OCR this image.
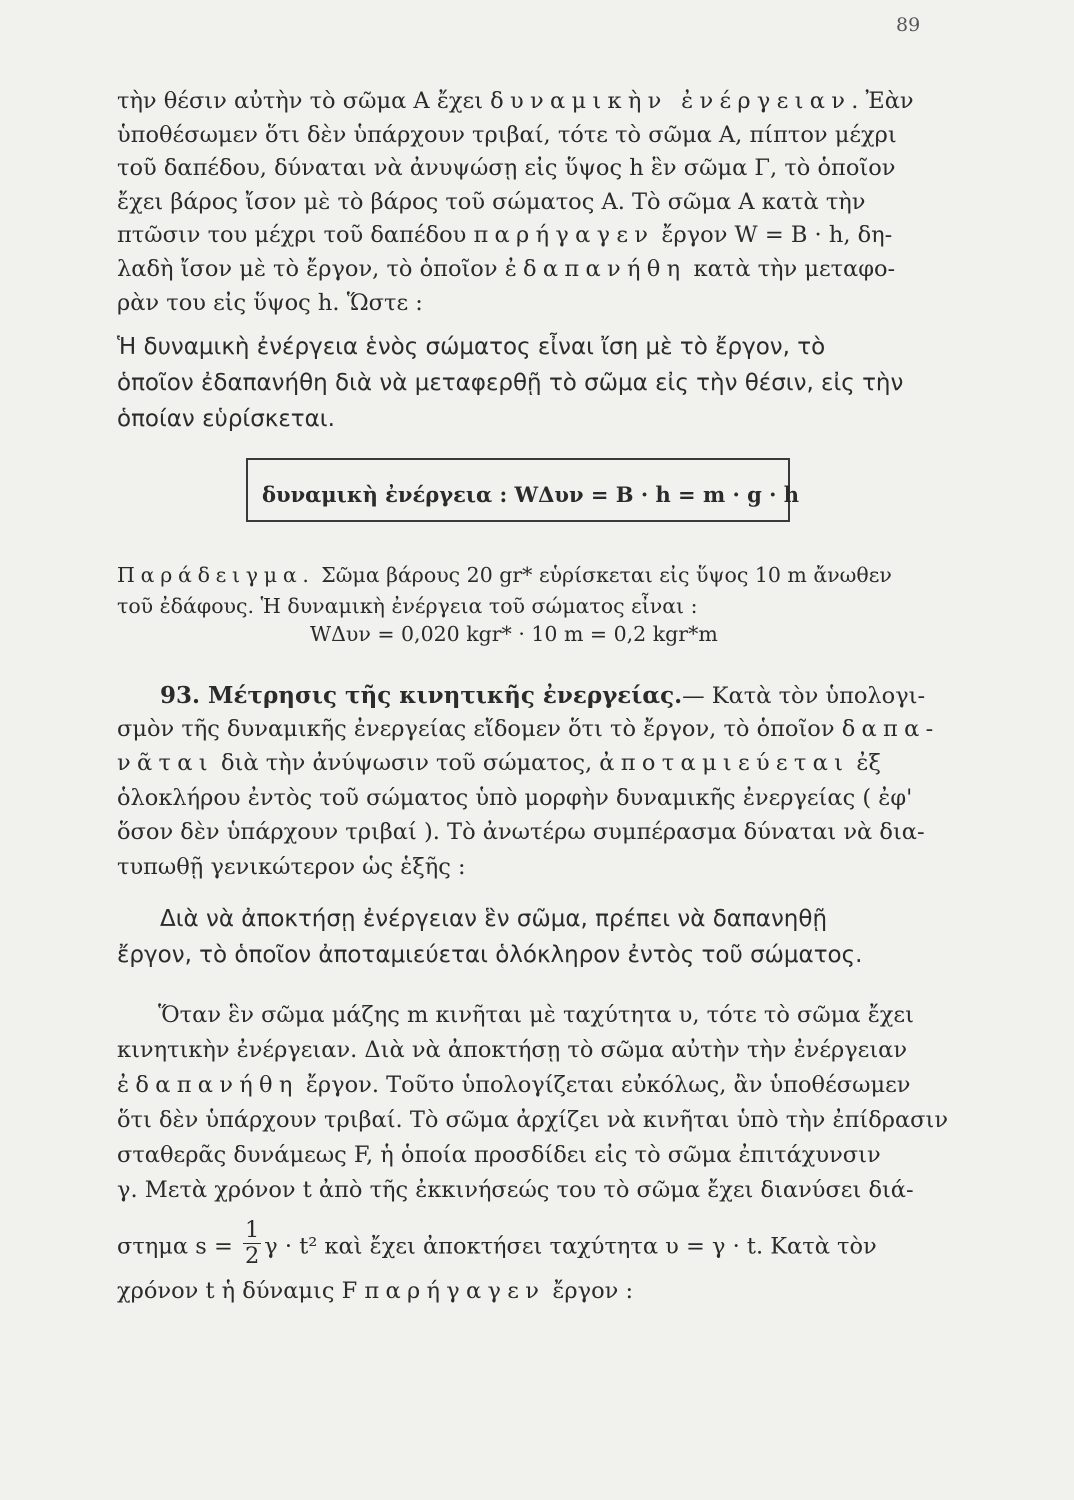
89
τὴν θέσιν αὐτὴν τὸ σῶμα Α ἔχει δυναμικὴν ἐνέργειαν. Ἐὰν
ὑποθέσωμεν ὅτι δὲν ὑπάρχουν τριβαί, τότε τὸ σῶμα Α, πίπτον μέχρι
τοῦ δαπέδου, δύναται νὰ ἀνυψώσῃ εἰς ὕψος h ἓν σῶμα Γ, τὸ ὁποῖον
ἔχει βάρος ἴσον μὲ τὸ βάρος τοῦ σώματος Α. Τὸ σῶμα Α κατὰ τὴν
πτῶσιν του μέχρι τοῦ δαπέδου παρήγαγεν ἔργον W = B · h, δη-
λαδὴ ἴσον μὲ τὸ ἔργον, τὸ ὁποῖον ἐδαπανήθη κατὰ τὴν μεταφο-
ρὰν του εἰς ὕψος h. Ὥστε :
Ἡ δυναμικὴ ἐνέργεια ἑνὸς σώματος εἶναι ἴση μὲ τὸ ἔργον, τὸ
ὁποῖον ἐδαπανήθη διὰ νὰ μεταφερθῇ τὸ σῶμα εἰς τὴν θέσιν, εἰς τὴν
ὁποίαν εὑρίσκεται.
δυναμικὴ ἐνέργεια : WΔυν = B · h = m · g · h
Παράδειγμα. Σῶμα βάρους 20 gr* εὑρίσκεται εἰς ὕψος 10 m ἄνωθεν
τοῦ ἐδάφους. Ἡ δυναμικὴ ἐνέργεια τοῦ σώματος εἶναι :
WΔυν = 0,020 kgr* · 10 m = 0,2 kgr*m
93. Μέτρησις τῆς κινητικῆς ἐνεργείας.— Κατὰ τὸν ὑπολογι-
σμὸν τῆς δυναμικῆς ἐνεργείας εἴδομεν ὅτι τὸ ἔργον, τὸ ὁποῖον δαπα-
νᾶται διὰ τὴν ἀνύψωσιν τοῦ σώματος, ἀποταμιεύεται ἐξ
ὁλοκλήρου ἐντὸς τοῦ σώματος ὑπὸ μορφὴν δυναμικῆς ἐνεργείας ( ἐφ'
ὅσον δὲν ὑπάρχουν τριβαί ). Τὸ ἀνωτέρω συμπέρασμα δύναται νὰ δια-
τυπωθῇ γενικώτερον ὡς ἑξῆς :
Διὰ νὰ ἀποκτήσῃ ἐνέργειαν ἓν σῶμα, πρέπει νὰ δαπανηθῇ
ἔργον, τὸ ὁποῖον ἀποταμιεύεται ὁλόκληρον ἐντὸς τοῦ σώματος.
Ὅταν ἓν σῶμα μάζης m κινῆται μὲ ταχύτητα υ, τότε τὸ σῶμα ἔχει
κινητικὴν ἐνέργειαν. Διὰ νὰ ἀποκτήσῃ τὸ σῶμα αὐτὴν τὴν ἐνέργειαν
ἐδαπανήθη ἔργον. Τοῦτο ὑπολογίζεται εὐκόλως, ἂν ὑποθέσωμεν
ὅτι δὲν ὑπάρχουν τριβαί. Τὸ σῶμα ἀρχίζει νὰ κινῆται ὑπὸ τὴν ἐπίδρασιν
σταθερᾶς δυνάμεως F, ἡ ὁποία προσδίδει εἰς τὸ σῶμα ἐπιτάχυνσιν
γ. Μετὰ χρόνον t ἀπὸ τῆς ἐκκινήσεώς του τὸ σῶμα ἔχει διανύσει διά-
στημα $s = \frac{1}{2}$ γ · t² καὶ ἔχει ἀποκτήσει ταχύτητα υ = γ · t. Κατὰ τὸν
χρόνον t ἡ δύναμις F παρήγαγεν ἔργον :
